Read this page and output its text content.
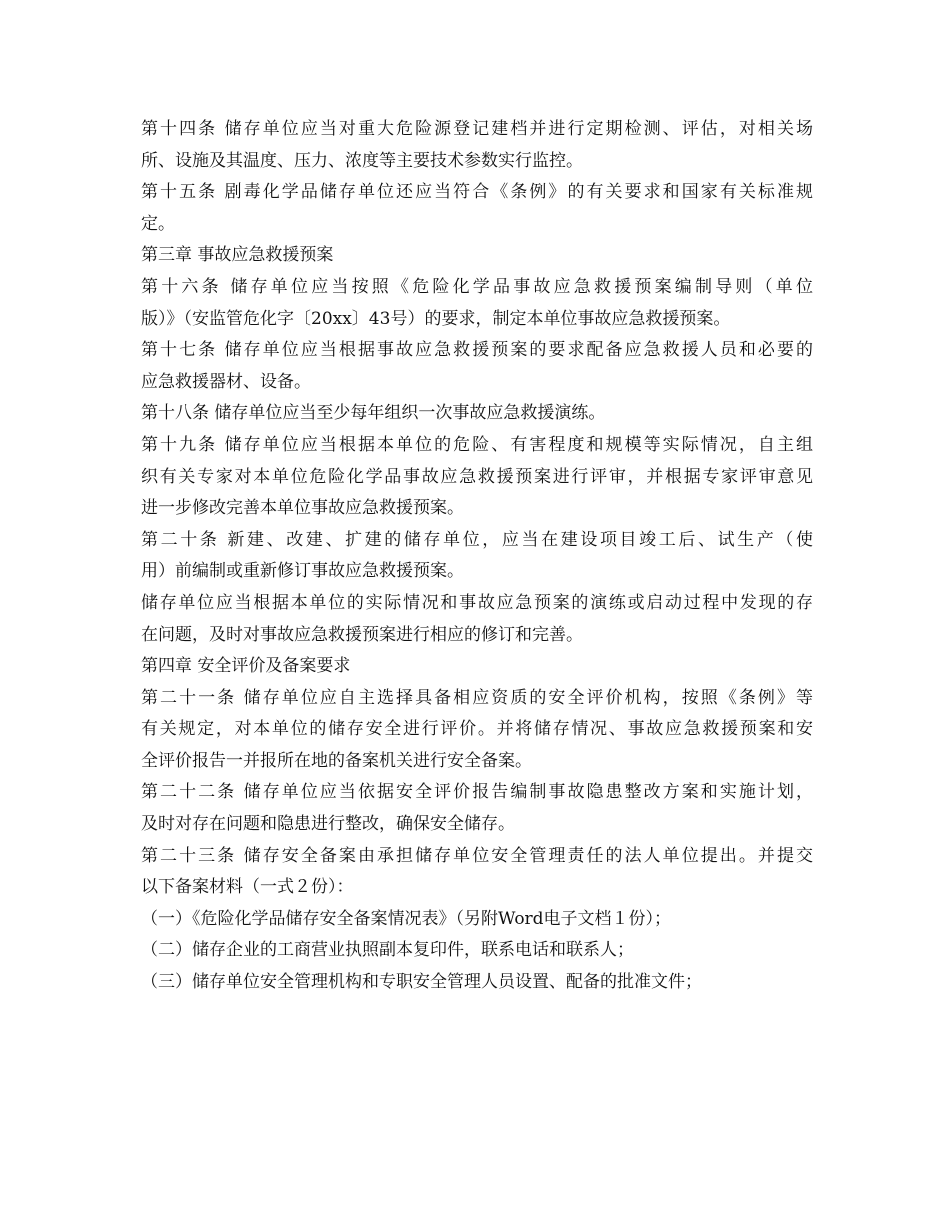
第十四条 储存单位应当对重大危险源登记建档并进行定期检测、评估，对相关场
所、设施及其温度、压力、浓度等主要技术参数实行监控。
第十五条 剧毒化学品储存单位还应当符合《条例》的有关要求和国家有关标准规
定。
第三章 事故应急救援预案
第十六条 储存单位应当按照《危险化学品事故应急救援预案编制导则（单位
版）》（安监管危化字〔20xx〕43号）的要求，制定本单位事故应急救援预案。
第十七条 储存单位应当根据事故应急救援预案的要求配备应急救援人员和必要的
应急救援器材、设备。
第十八条 储存单位应当至少每年组织一次事故应急救援演练。
第十九条 储存单位应当根据本单位的危险、有害程度和规模等实际情况，自主组
织有关专家对本单位危险化学品事故应急救援预案进行评审，并根据专家评审意见
进一步修改完善本单位事故应急救援预案。
第二十条 新建、改建、扩建的储存单位，应当在建设项目竣工后、试生产（使
用）前编制或重新修订事故应急救援预案。
储存单位应当根据本单位的实际情况和事故应急预案的演练或启动过程中发现的存
在问题，及时对事故应急救援预案进行相应的修订和完善。
第四章 安全评价及备案要求
第二十一条 储存单位应自主选择具备相应资质的安全评价机构，按照《条例》等
有关规定，对本单位的储存安全进行评价。并将储存情况、事故应急救援预案和安
全评价报告一并报所在地的备案机关进行安全备案。
第二十二条 储存单位应当依据安全评价报告编制事故隐患整改方案和实施计划，
及时对存在问题和隐患进行整改，确保安全储存。
第二十三条 储存安全备案由承担储存单位安全管理责任的法人单位提出。并提交
以下备案材料（一式２份）：
（一）《危险化学品储存安全备案情况表》（另附Word电子文档１份）；
（二）储存企业的工商营业执照副本复印件，联系电话和联系人；
（三）储存单位安全管理机构和专职安全管理人员设置、配备的批准文件；
